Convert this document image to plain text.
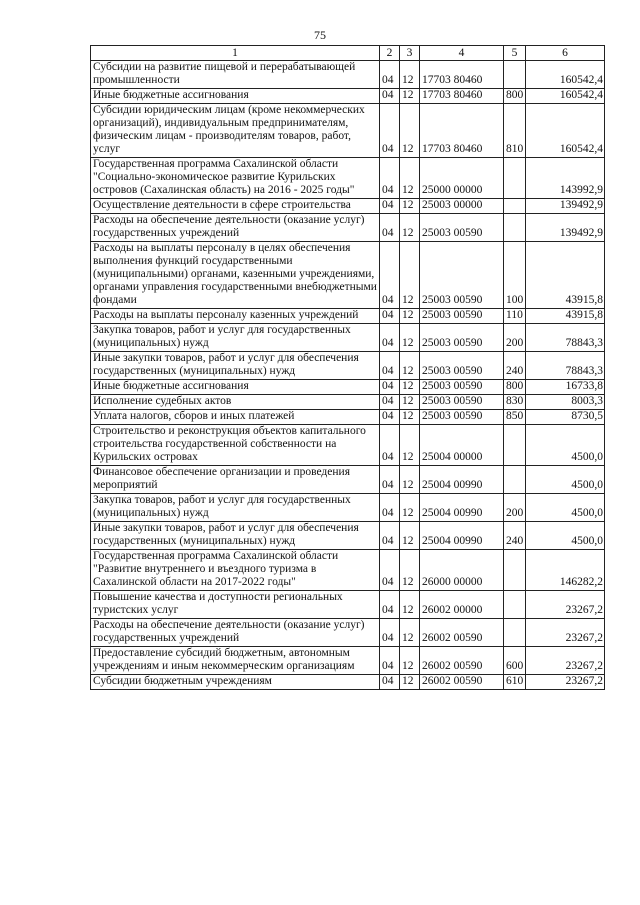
75
1	2	3	4	5	6
Субсидии на развитие пищевой и перерабатывающей промышленности	04	12	17703 80460		160542,4
Иные бюджетные ассигнования	04	12	17703 80460	800	160542,4
Субсидии юридическим лицам (кроме некоммерческих организаций), индивидуальным предпринимателям, физическим лицам - производителям товаров, работ, услуг	04	12	17703 80460	810	160542,4
Государственная программа Сахалинской области "Социально-экономическое развитие Курильских островов (Сахалинская область) на 2016 - 2025 годы"	04	12	25000 00000		143992,9
Осуществление деятельности в сфере строительства	04	12	25003 00000		139492,9
Расходы на обеспечение деятельности (оказание услуг) государственных учреждений	04	12	25003 00590		139492,9
Расходы на выплаты персоналу в целях обеспечения выполнения функций государственными (муниципальными) органами, казенными учреждениями, органами управления государственными внебюджетными фондами	04	12	25003 00590	100	43915,8
Расходы на выплаты персоналу казенных учреждений	04	12	25003 00590	110	43915,8
Закупка товаров, работ и услуг для государственных (муниципальных) нужд	04	12	25003 00590	200	78843,3
Иные закупки товаров, работ и услуг для обеспечения государственных (муниципальных) нужд	04	12	25003 00590	240	78843,3
Иные бюджетные ассигнования	04	12	25003 00590	800	16733,8
Исполнение судебных актов	04	12	25003 00590	830	8003,3
Уплата налогов, сборов и иных платежей	04	12	25003 00590	850	8730,5
Строительство и реконструкция объектов капитального строительства государственной собственности на Курильских островах	04	12	25004 00000		4500,0
Финансовое обеспечение организации и проведения мероприятий	04	12	25004 00990		4500,0
Закупка товаров, работ и услуг для государственных (муниципальных) нужд	04	12	25004 00990	200	4500,0
Иные закупки товаров, работ и услуг для обеспечения государственных (муниципальных) нужд	04	12	25004 00990	240	4500,0
Государственная программа Сахалинской области "Развитие внутреннего и въездного туризма в Сахалинской области на 2017-2022 годы"	04	12	26000 00000		146282,2
Повышение качества и доступности региональных туристских услуг	04	12	26002 00000		23267,2
Расходы на обеспечение деятельности (оказание услуг) государственных учреждений	04	12	26002 00590		23267,2
Предоставление субсидий бюджетным, автономным учреждениям и иным некоммерческим организациям	04	12	26002 00590	600	23267,2
Субсидии бюджетным учреждениям	04	12	26002 00590	610	23267,2
